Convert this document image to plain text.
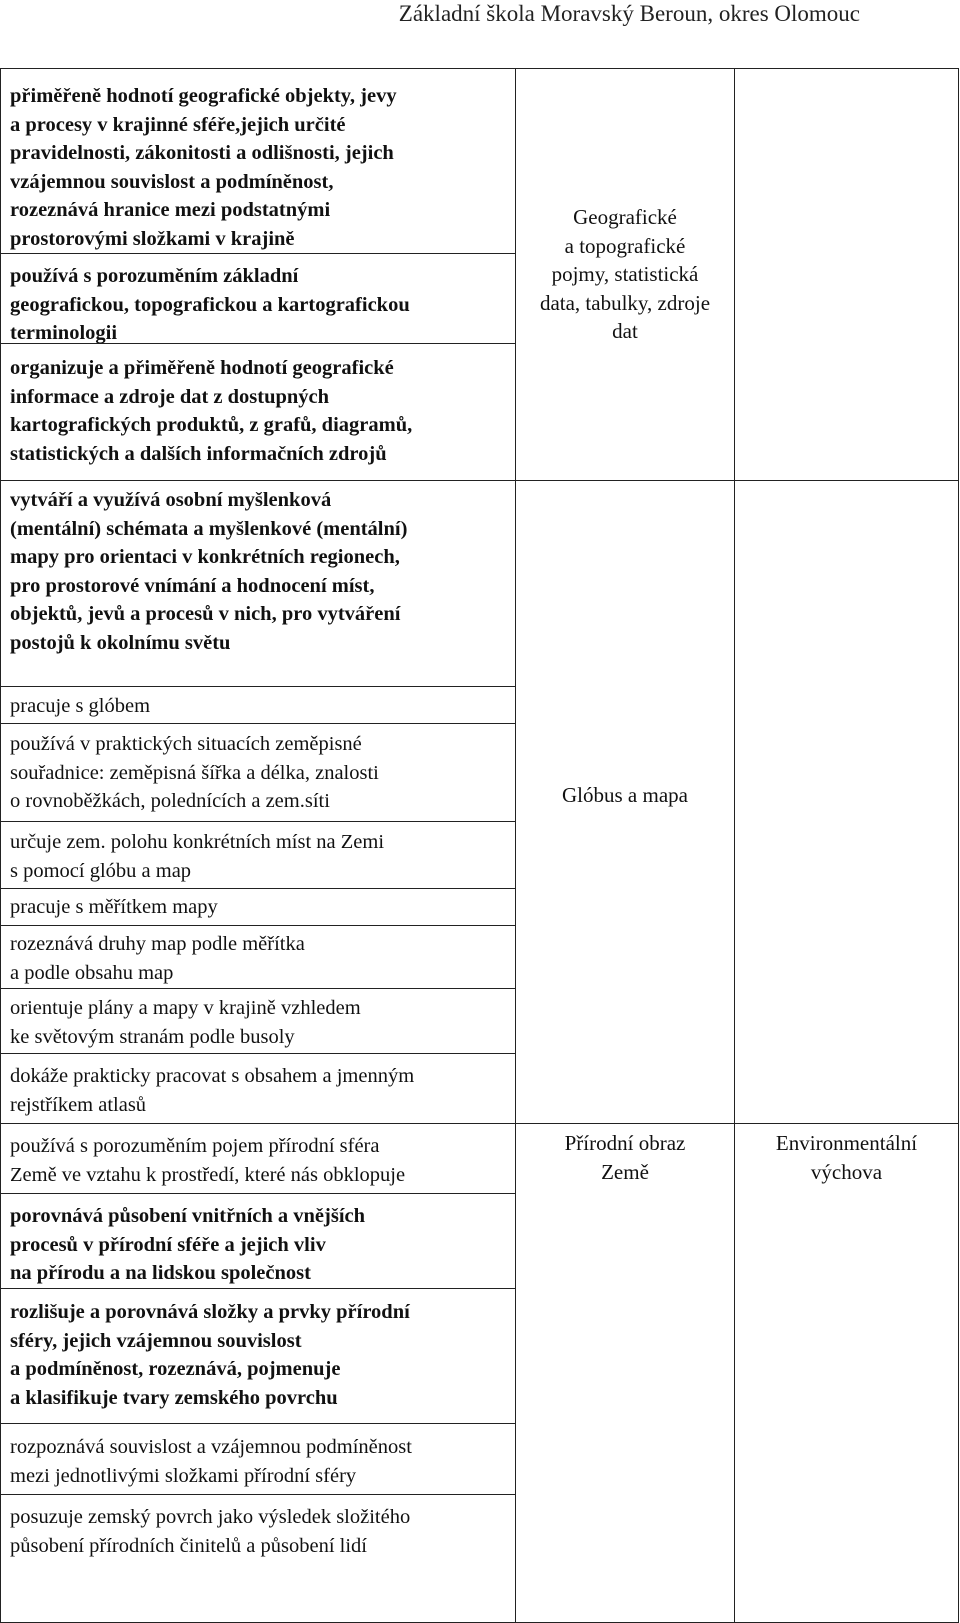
Základní škola Moravský Beroun, okres Olomouc
přiměřeně hodnotí geografické objekty, jevy
a procesy v krajinné sféře,jejich určité
pravidelnosti, zákonitosti a odlišnosti, jejich
vzájemnou souvislost a podmíněnost,
rozeznává hranice mezi podstatnými
prostorovými složkami v krajině
používá s porozuměním základní
geografickou, topografickou a kartografickou
terminologii
organizuje a přiměřeně hodnotí geografické
informace a zdroje dat z dostupných
kartografických produktů, z grafů, diagramů,
statistických a dalších informačních zdrojů
vytváří a využívá osobní myšlenková
(mentální) schémata a myšlenkové (mentální)
mapy pro orientaci v konkrétních regionech,
pro prostorové vnímání a hodnocení míst,
objektů, jevů a procesů v nich, pro vytváření
postojů k okolnímu světu
pracuje s glóbem
používá v praktických situacích zeměpisné
souřadnice: zeměpisná šířka a délka, znalosti
o rovnoběžkách, polednících a zem.síti
určuje zem. polohu konkrétních míst na Zemi
s pomocí glóbu a map
pracuje s měřítkem mapy
rozeznává druhy map podle měřítka
a podle obsahu map
orientuje plány a mapy v krajině vzhledem
ke světovým stranám podle busoly
dokáže prakticky pracovat s obsahem a jmenným
rejstříkem atlasů
používá s porozuměním pojem přírodní sféra
Země ve vztahu k prostředí, které nás obklopuje
porovnává působení vnitřních a vnějších
procesů v přírodní sféře a jejich vliv
na přírodu a na lidskou společnost
rozlišuje a porovnává složky a prvky přírodní
sféry, jejich vzájemnou souvislost
a podmíněnost, rozeznává, pojmenuje
a klasifikuje tvary zemského povrchu
rozpoznává souvislost a vzájemnou podmíněnost
mezi jednotlivými složkami přírodní sféry
posuzuje zemský povrch jako výsledek složitého
působení přírodních činitelů a působení lidí
Geografické
a topografické
pojmy, statistická
data, tabulky, zdroje
dat
Glóbus a mapa
Přírodní obraz
Země
Environmentální
výchova
